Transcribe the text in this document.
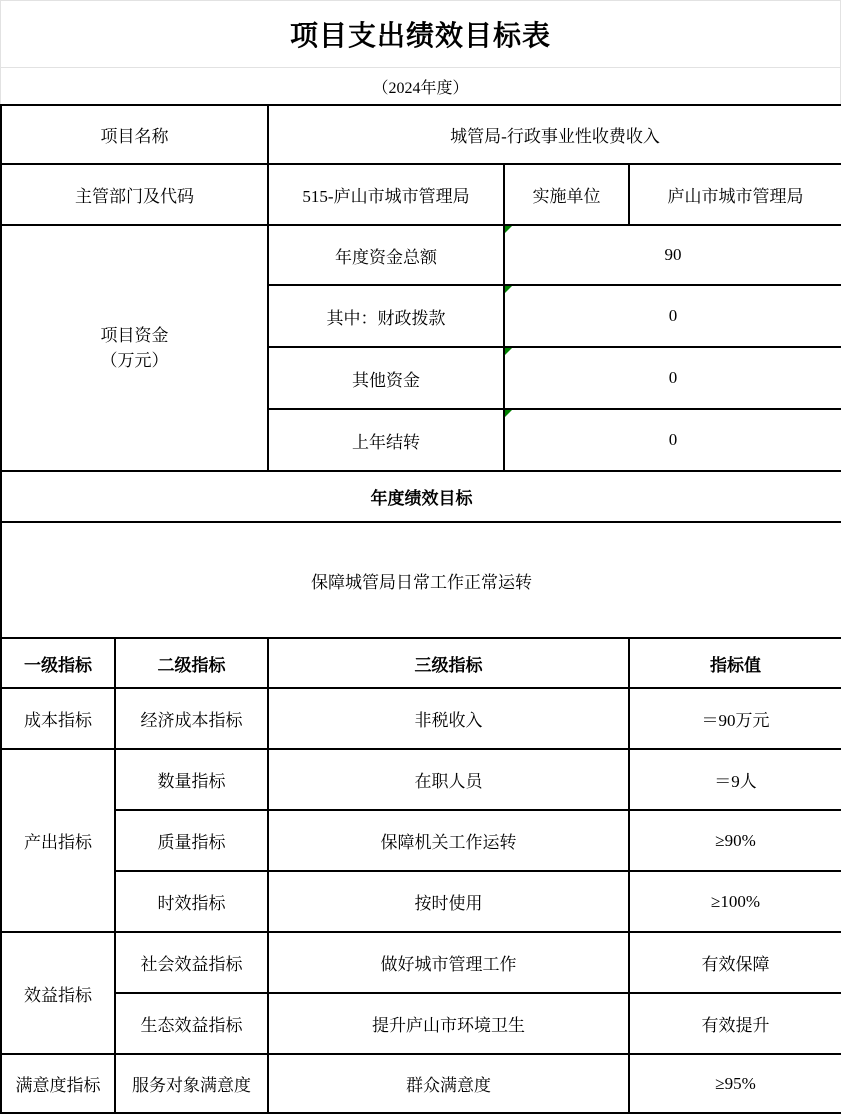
项目支出绩效目标表
（2024年度）
项目名称		城管局-行政事业性收费收入		
主管部门及代码		515-庐山市城市管理局	实施单位	庐山市城市管理局

项目资金
（万元）		年度资金总额	90	
		其中：财政拨款	0	
		其他资金	0	
		上年结转	0	
年度绩效目标				
保障城管局日常工作正常运转				
一级指标	二级指标	三级指标		指标值
成本指标	经济成本指标	非税收入		＝90万元
产出指标	数量指标	在职人员		＝9人
	质量指标	保障机关工作运转		≥90%
	时效指标	按时使用		≥100%
效益指标	社会效益指标	做好城市管理工作		有效保障
	生态效益指标	提升庐山市环境卫生		有效提升
满意度指标	服务对象满意度	群众满意度		≥95%
